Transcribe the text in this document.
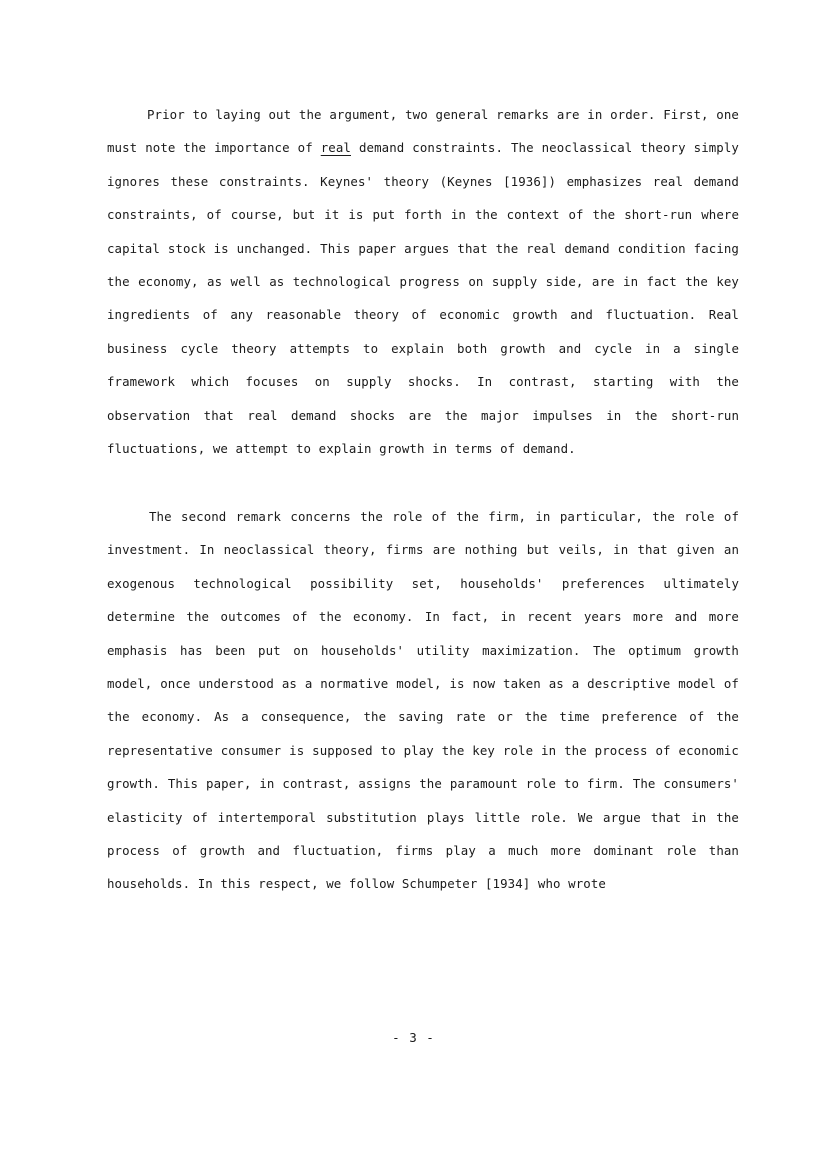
Prior to laying out the argument, two general remarks are in order. First, one must note the importance of real demand constraints. The neoclassical theory simply ignores these constraints. Keynes' theory (Keynes [1936]) emphasizes real demand constraints, of course, but it is put forth in the context of the short-run where capital stock is unchanged. This paper argues that the real demand condition facing the economy, as well as technological progress on supply side, are in fact the key ingredients of any reasonable theory of economic growth and fluctuation. Real business cycle theory attempts to explain both growth and cycle in a single framework which focuses on supply shocks. In contrast, starting with the observation that real demand shocks are the major impulses in the short-run fluctuations, we attempt to explain growth in terms of demand.

The second remark concerns the role of the firm, in particular, the role of investment. In neoclassical theory, firms are nothing but veils, in that given an exogenous technological possibility set, households' preferences ultimately determine the outcomes of the economy. In fact, in recent years more and more emphasis has been put on households' utility maximization. The optimum growth model, once understood as a normative model, is now taken as a descriptive model of the economy. As a consequence, the saving rate or the time preference of the representative consumer is supposed to play the key role in the process of economic growth. This paper, in contrast, assigns the paramount role to firm. The consumers' elasticity of intertemporal substitution plays little role. We argue that in the process of growth and fluctuation, firms play a much more dominant role than households. In this respect, we follow Schumpeter [1934] who wrote

- 3 -
